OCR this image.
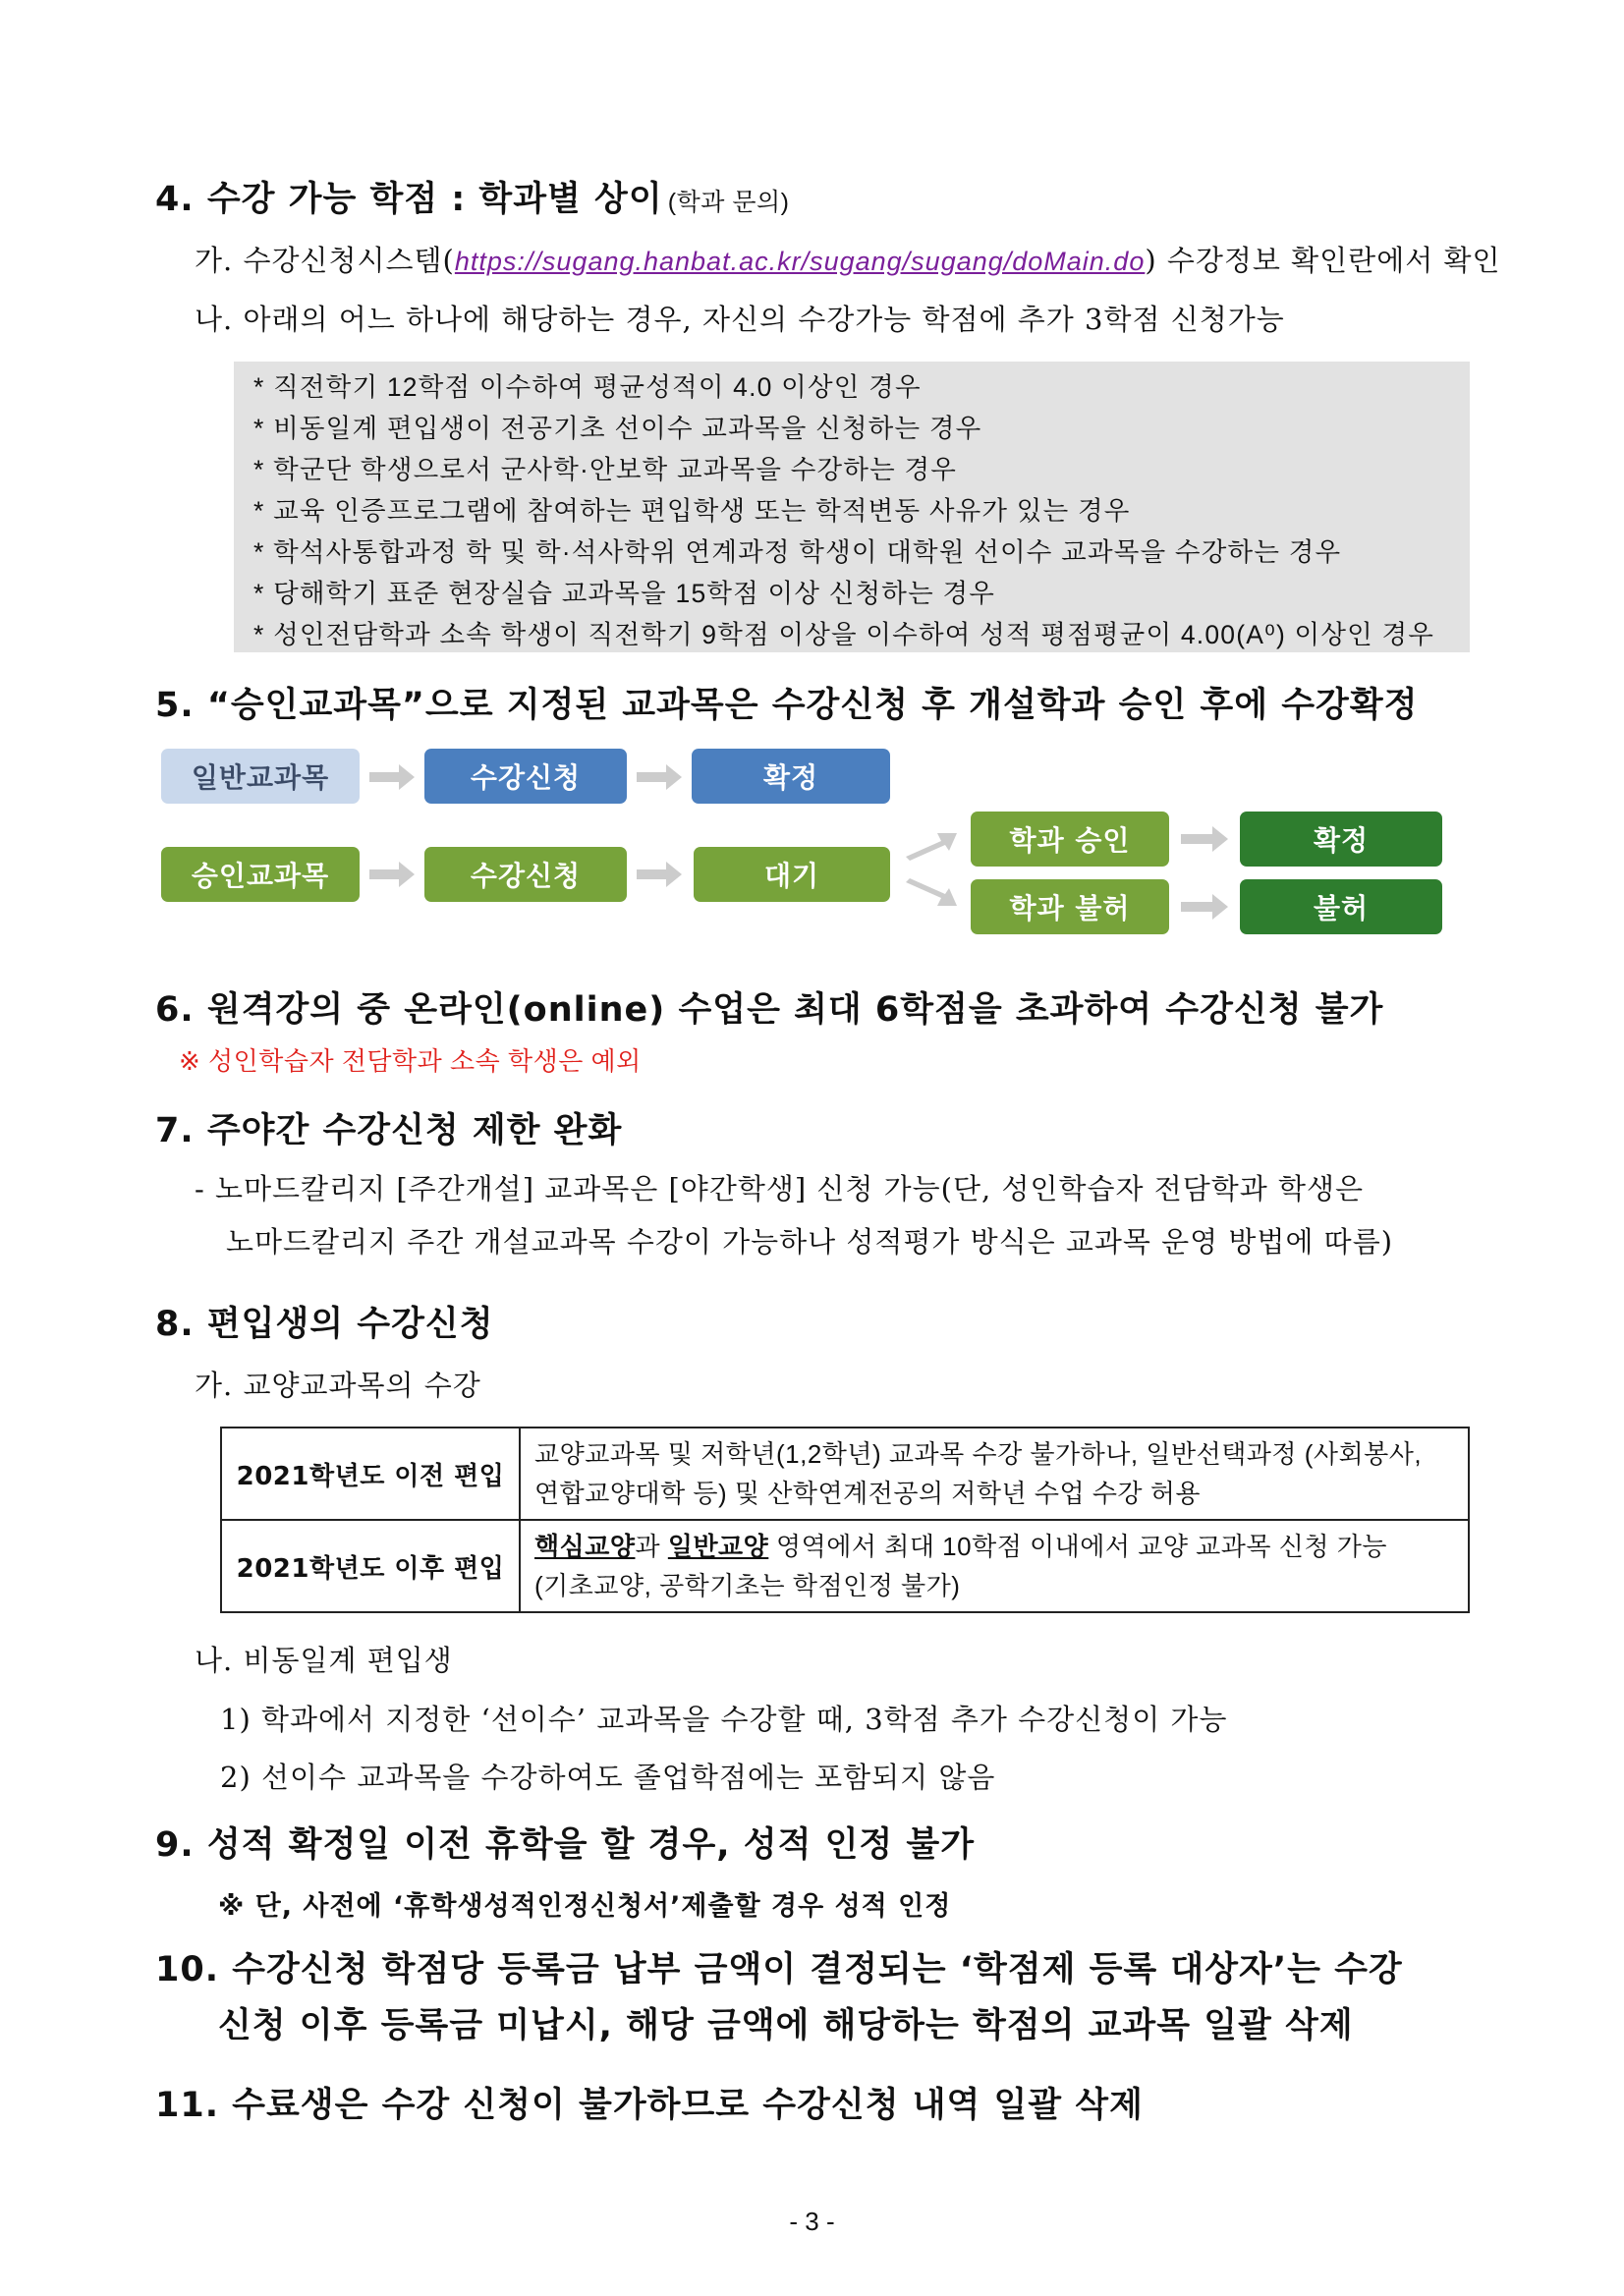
4. 수강 가능 학점 : 학과별 상이 (학과 문의)
가. 수강신청시스템(https://sugang.hanbat.ac.kr/sugang/sugang/doMain.do) 수강정보 확인란에서 확인
나. 아래의 어느 하나에 해당하는 경우, 자신의 수강가능 학점에 추가 3학점 신청가능
* 직전학기 12학점 이수하여 평균성적이 4.0 이상인 경우
* 비동일계 편입생이 전공기초 선이수 교과목을 신청하는 경우
* 학군단 학생으로서 군사학·안보학 교과목을 수강하는 경우
* 교육 인증프로그램에 참여하는 편입학생 또는 학적변동 사유가 있는 경우
* 학석사통합과정 학 및 학·석사학위 연계과정 학생이 대학원 선이수 교과목을 수강하는 경우
* 당해학기 표준 현장실습 교과목을 15학점 이상 신청하는 경우
* 성인전담학과 소속 학생이 직전학기 9학점 이상을 이수하여 성적 평점평균이 4.00(A⁰) 이상인 경우
5. “승인교과목”으로 지정된 교과목은 수강신청 후 개설학과 승인 후에 수강확정
일반교과목	수강신청	확정
승인교과목	수강신청	대기
학과 승인	확정
학과 불허	불허
6. 원격강의 중 온라인(online) 수업은 최대 6학점을 초과하여 수강신청 불가
※ 성인학습자 전담학과 소속 학생은 예외
7. 주야간 수강신청 제한 완화
- 노마드칼리지 [주간개설] 교과목은 [야간학생] 신청 가능(단, 성인학습자 전담학과 학생은
노마드칼리지 주간 개설교과목 수강이 가능하나 성적평가 방식은 교과목 운영 방법에 따름)
8. 편입생의 수강신청
가. 교양교과목의 수강
2021학년도 이전 편입	교양교과목 및 저학년(1,2학년) 교과목 수강 불가하나, 일반선택과정 (사회봉사,
연합교양대학 등) 및 산학연계전공의 저학년 수업 수강 허용

2021학년도 이후 편입	핵심교양과 일반교양 영역에서 최대 10학점 이내에서 교양 교과목 신청 가능
(기초교양, 공학기초는 학점인정 불가)
나. 비동일계 편입생
1) 학과에서 지정한 ‘선이수’ 교과목을 수강할 때, 3학점 추가 수강신청이 가능
2) 선이수 교과목을 수강하여도 졸업학점에는 포함되지 않음
9. 성적 확정일 이전 휴학을 할 경우, 성적 인정 불가
※ 단, 사전에 ‘휴학생성적인정신청서’제출할 경우 성적 인정
10. 수강신청 학점당 등록금 납부 금액이 결정되는 ‘학점제 등록 대상자’는 수강
신청 이후 등록금 미납시, 해당 금액에 해당하는 학점의 교과목 일괄 삭제
11. 수료생은 수강 신청이 불가하므로 수강신청 내역 일괄 삭제
- 3 -
